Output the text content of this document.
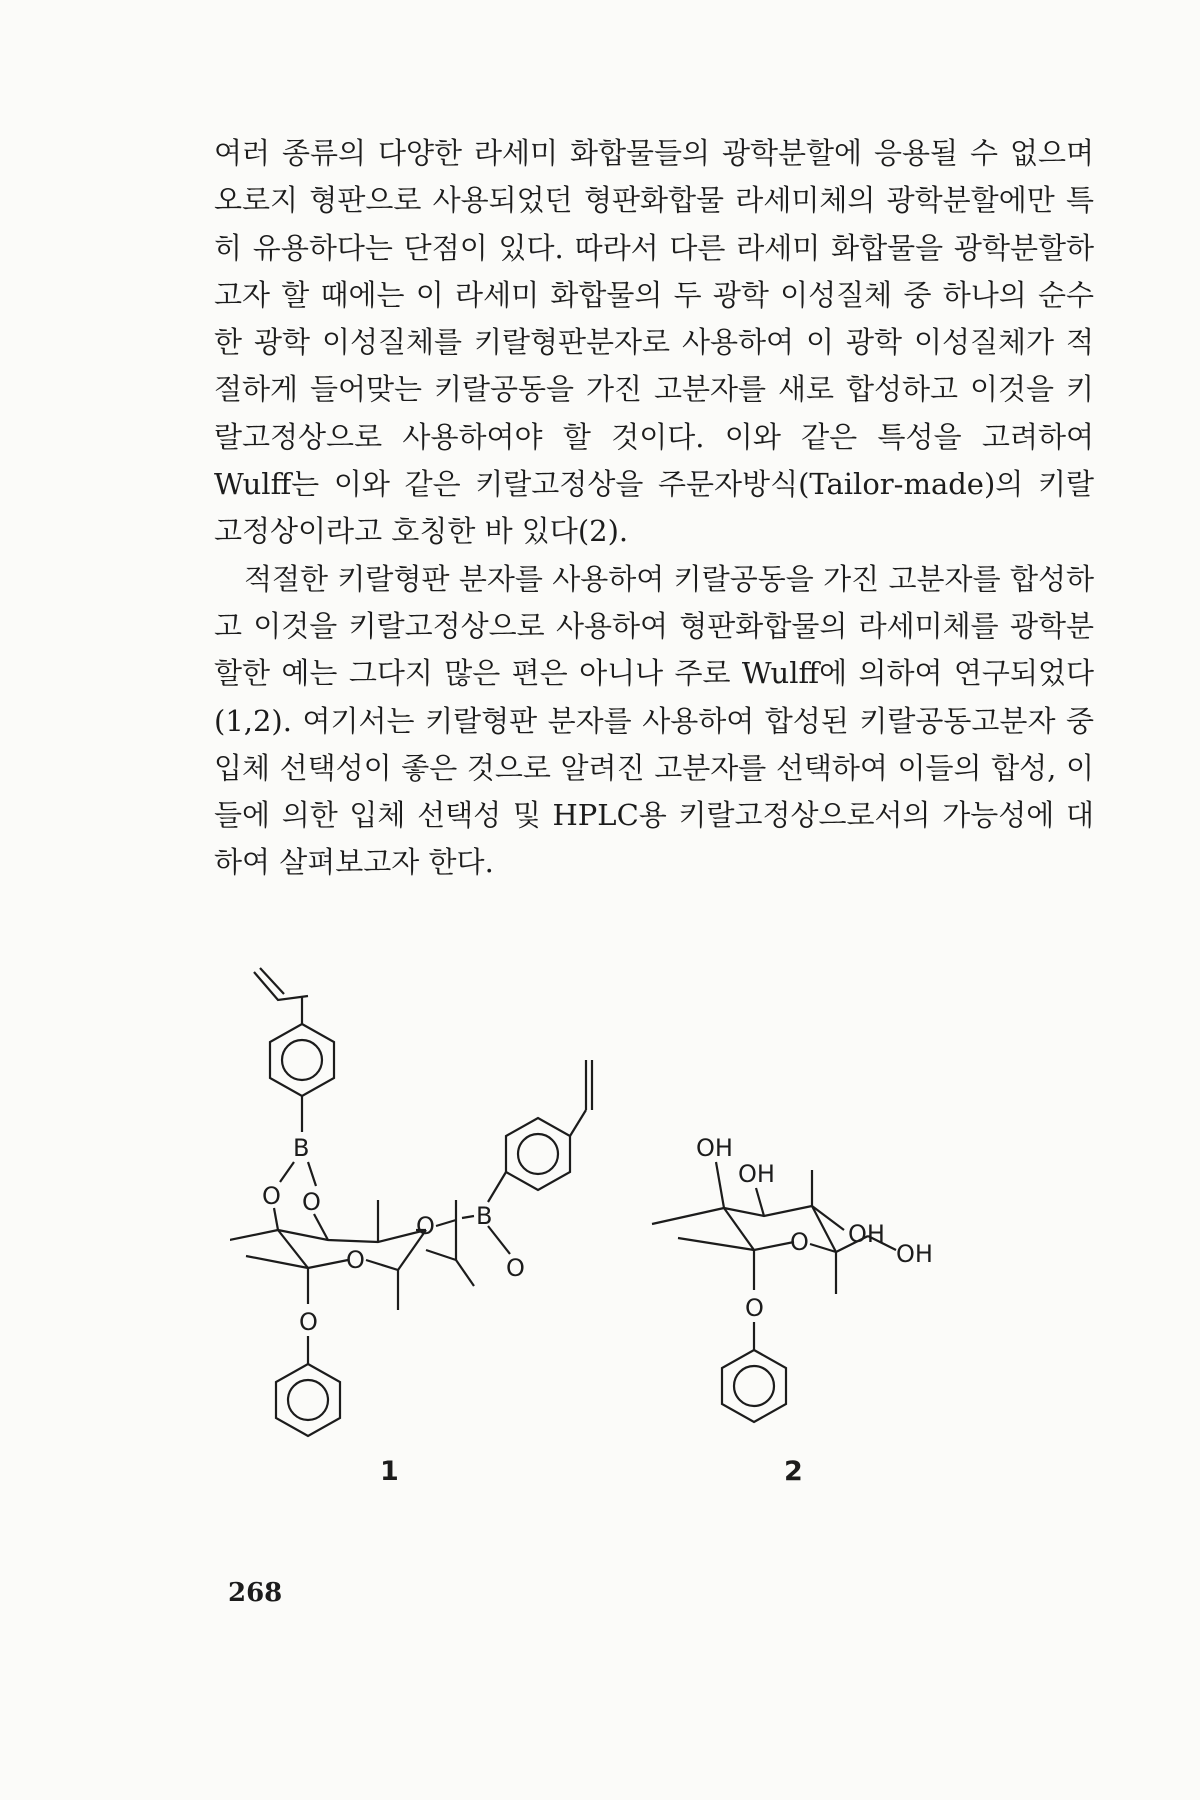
여러 종류의 다양한 라세미 화합물들의 광학분할에 응용될 수 없으며 오로지 형판으로 사용되었던 형판화합물 라세미체의 광학분할에만 특히 유용하다는 단점이 있다. 따라서 다른 라세미 화합물을 광학분할하고자 할 때에는 이 라세미 화합물의 두 광학 이성질체 중 하나의 순수한 광학 이성질체를 키랄형판분자로 사용하여 이 광학 이성질체가 적절하게 들어맞는 키랄공동을 가진 고분자를 새로 합성하고 이것을 키랄고정상으로 사용하여야 할 것이다. 이와 같은 특성을 고려하여 Wulff는 이와 같은 키랄고정상을 주문자방식(Tailor-made)의 키랄고정상이라고 호칭한 바 있다(2).

적절한 키랄형판 분자를 사용하여 키랄공동을 가진 고분자를 합성하고 이것을 키랄고정상으로 사용하여 형판화합물의 라세미체를 광학분할한 예는 그다지 많은 편은 아니나 주로 Wulff에 의하여 연구되었다(1,2). 여기서는 키랄형판 분자를 사용하여 합성된 키랄공동고분자 중 입체 선택성이 좋은 것으로 알려진 고분자를 선택하여 이들의 합성, 이들에 의한 입체 선택성 및 HPLC용 키랄고정상으로서의 가능성에 대하여 살펴보고자 한다.

B
O O
O
O B
O
O
1
OH
OH
OH
O	OH
O
2
268
